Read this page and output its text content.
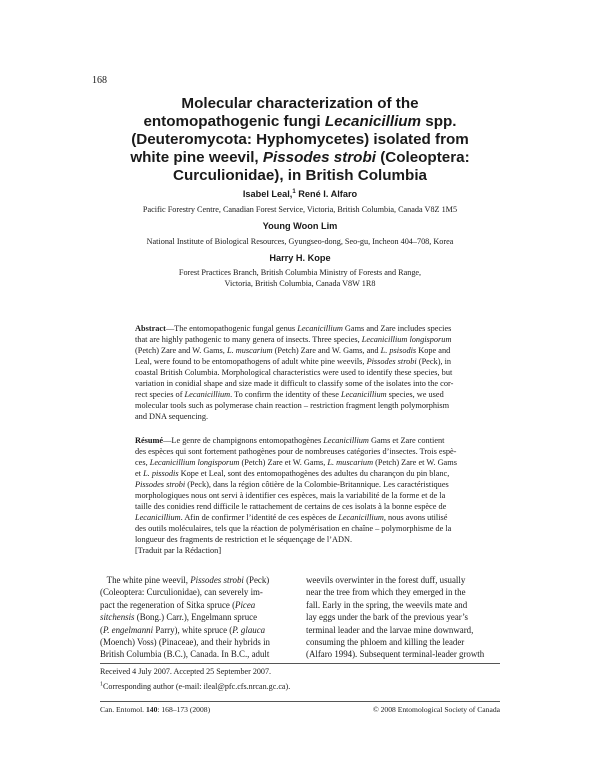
168
Molecular characterization of the
entomopathogenic fungi Lecanicillium spp.
(Deuteromycota: Hyphomycetes) isolated from
white pine weevil, Pissodes strobi (Coleoptera:
Curculionidae), in British Columbia
Isabel Leal,$^1$ René I. Alfaro
Pacific Forestry Centre, Canadian Forest Service, Victoria, British Columbia, Canada V8Z 1M5
Young Woon Lim
National Institute of Biological Resources, Gyungseo-dong, Seo-gu, Incheon 404–708, Korea
Harry H. Kope
Forest Practices Branch, British Columbia Ministry of Forests and Range,
Victoria, British Columbia, Canada V8W 1R8
Abstract—The entomopathogenic fungal genus Lecanicillium Gams and Zare includes species
that are highly pathogenic to many genera of insects. Three species, Lecanicillium longisporum
(Petch) Zare and W. Gams, L. muscarium (Petch) Zare and W. Gams, and L. psisodis Kope and
Leal, were found to be entomopathogens of adult white pine weevils, Pissodes strobi (Peck), in
coastal British Columbia. Morphological characteristics were used to identify these species, but
variation in conidial shape and size made it difficult to classify some of the isolates into the cor-
rect species of Lecanicillium. To confirm the identity of these Lecanicillium species, we used
molecular tools such as polymerase chain reaction – restriction fragment length polymorphism
and DNA sequencing.
Résumé—Le genre de champignons entomopathogènes Lecanicillium Gams et Zare contient
des espèces qui sont fortement pathogènes pour de nombreuses catégories d’insectes. Trois espè-
ces, Lecanicillium longisporum (Petch) Zare et W. Gams, L. muscarium (Petch) Zare et W. Gams
et L. pissodis Kope et Leal, sont des entomopathogènes des adultes du charançon du pin blanc,
Pissodes strobi (Peck), dans la région côtière de la Colombie-Britannique. Les caractéristiques
morphologiques nous ont servi à identifier ces espèces, mais la variabilité de la forme et de la
taille des conidies rend difficile le rattachement de certains de ces isolats à la bonne espèce de
Lecanicillium. Afin de confirmer l’identité de ces espèces de Lecanicillium, nous avons utilisé
des outils moléculaires, tels que la réaction de polymérisation en chaîne – polymorphisme de la
longueur des fragments de restriction et le séquençage de l’ADN.
[Traduit par la Rédaction]
The white pine weevil, Pissodes strobi (Peck)
(Coleoptera: Curculionidae), can severely im-
pact the regeneration of Sitka spruce (Picea
sitchensis (Bong.) Carr.), Engelmann spruce
(P. engelmanni Parry), white spruce (P. glauca
(Moench) Voss) (Pinaceae), and their hybrids in
British Columbia (B.C.), Canada. In B.C., adult
weevils overwinter in the forest duff, usually
near the tree from which they emerged in the
fall. Early in the spring, the weevils mate and
lay eggs under the bark of the previous year’s
terminal leader and the larvae mine downward,
consuming the phloem and killing the leader
(Alfaro 1994). Subsequent terminal-leader growth
Received 4 July 2007. Accepted 25 September 2007.
$^1$Corresponding author (e-mail: ileal@pfc.cfs.nrcan.gc.ca).
Can. Entomol. 140: 168–173 (2008)	© 2008 Entomological Society of Canada
